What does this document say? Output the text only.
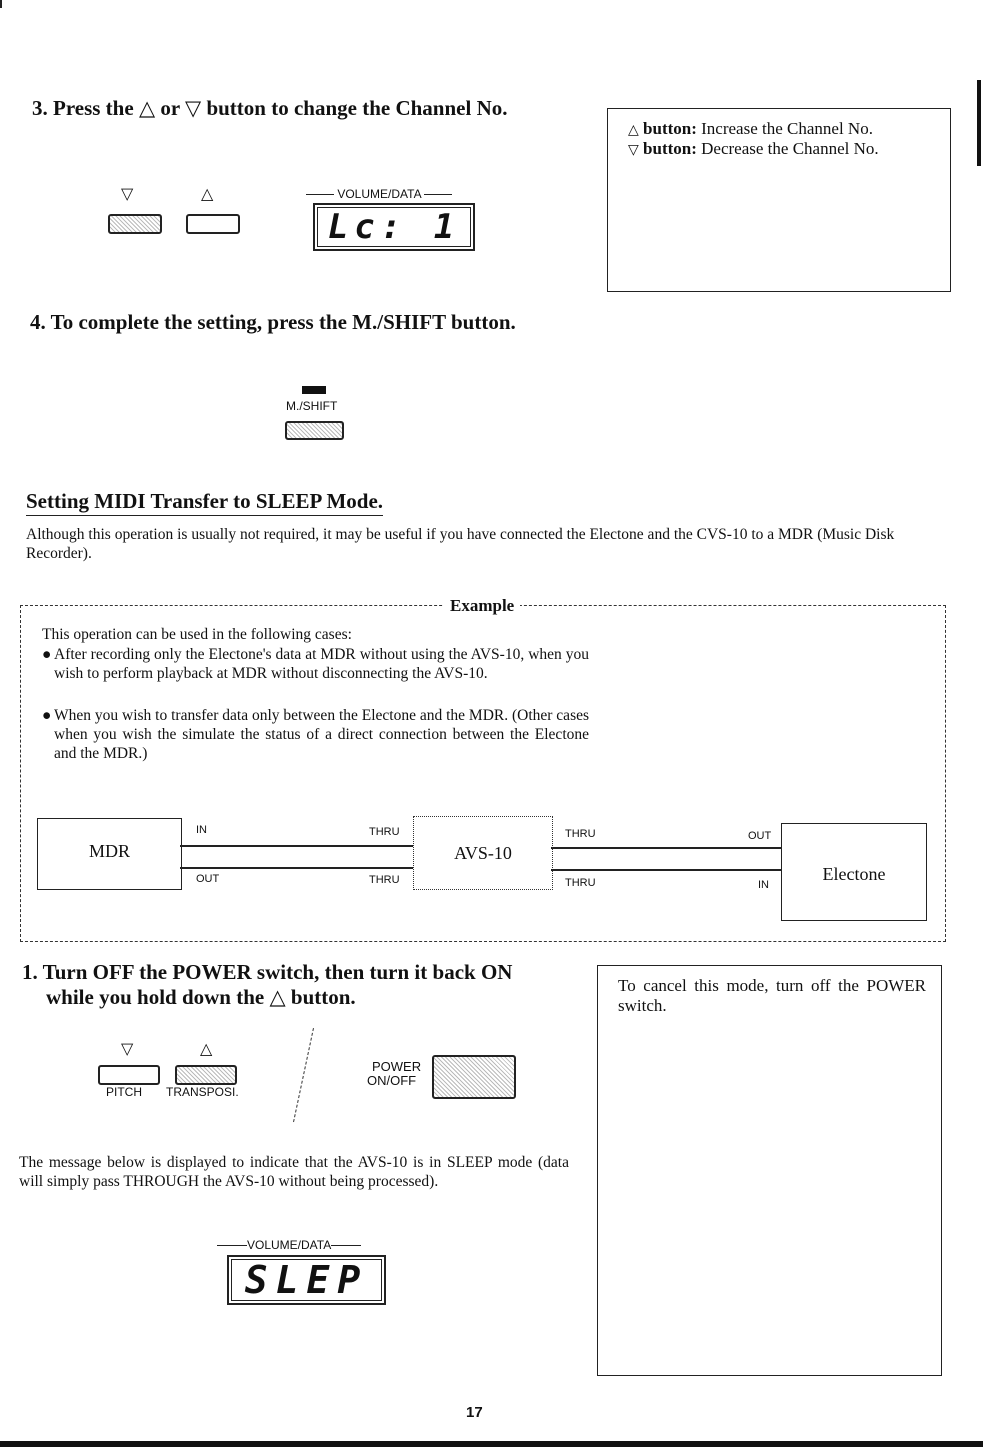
3. Press the △ or ▽ button to change the Channel No.
▽	△	VOLUME/DATA
Lc: 1
△ button: Increase the Channel No.
▽ button: Decrease the Channel No.
4. To complete the setting, press the M./SHIFT button.
M./SHIFT
Setting MIDI Transfer to SLEEP Mode.
Although this operation is usually not required, it may be useful if you have connected the Electone and the CVS-10 to a MDR (Music Disk Recorder).
Example
This operation can be used in the following cases:
● After recording only the Electone's data at MDR without using the AVS-10, when you wish to perform playback at MDR without disconnecting the AVS-10.
● When you wish to transfer data only between the Electone and the MDR. (Other cases when you wish the simulate the status of a direct connection between the Electone and the MDR.)
MDR	AVS-10
Electone
IN
OUT
THRU
THRU
THRU
THRU
OUT
IN
1. Turn OFF the POWER switch, then turn it back ON
while you hold down the △ button.
▽	△
PITCH TRANSPOSI.
POWER
ON/OFF
The message below is displayed to indicate that the AVS-10 is in SLEEP mode (data will simply pass THROUGH the AVS-10 without being processed).
VOLUME/DATA
SLEP
To cancel this mode, turn off the POWER switch.
17
